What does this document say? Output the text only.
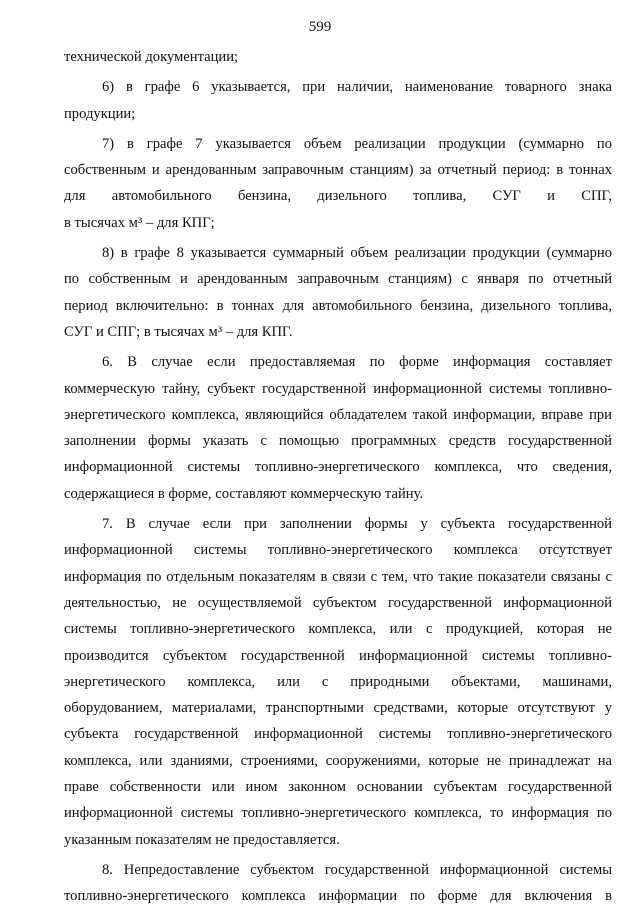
599
технической документации;
6) в графе 6 указывается, при наличии, наименование товарного знака
продукции;
7) в графе 7 указывается объем реализации продукции (суммарно по
собственным и арендованным заправочным станциям) за отчетный период: в тоннах
для автомобильного бензина, дизельного топлива, СУГ и СПГ,
в тысячах м³ – для КПГ;
8) в графе 8 указывается суммарный объем реализации продукции (суммарно
по собственным и арендованным заправочным станциям) с января по отчетный
период включительно: в тоннах для автомобильного бензина, дизельного топлива,
СУГ и СПГ; в тысячах м³ – для КПГ.
6. В случае если предоставляемая по форме информация составляет
коммерческую тайну, субъект государственной информационной системы топливно-
энергетического комплекса, являющийся обладателем такой информации, вправе при
заполнении формы указать с помощью программных средств государственной
информационной системы топливно-энергетического комплекса, что сведения,
содержащиеся в форме, составляют коммерческую тайну.
7. В случае если при заполнении формы у субъекта государственной
информационной системы топливно-энергетического комплекса отсутствует
информация по отдельным показателям в связи с тем, что такие показатели связаны с
деятельностью, не осуществляемой субъектом государственной информационной
системы топливно-энергетического комплекса, или с продукцией, которая не
производится субъектом государственной информационной системы топливно-
энергетического комплекса, или с природными объектами, машинами,
оборудованием, материалами, транспортными средствами, которые отсутствуют у
субъекта государственной информационной системы топливно-энергетического
комплекса, или зданиями, строениями, сооружениями, которые не принадлежат на
праве собственности или ином законном основании субъектам государственной
информационной системы топливно-энергетического комплекса, то информация по
указанным показателям не предоставляется.
8. Непредоставление субъектом государственной информационной системы
топливно-энергетического комплекса информации по форме для включения в
